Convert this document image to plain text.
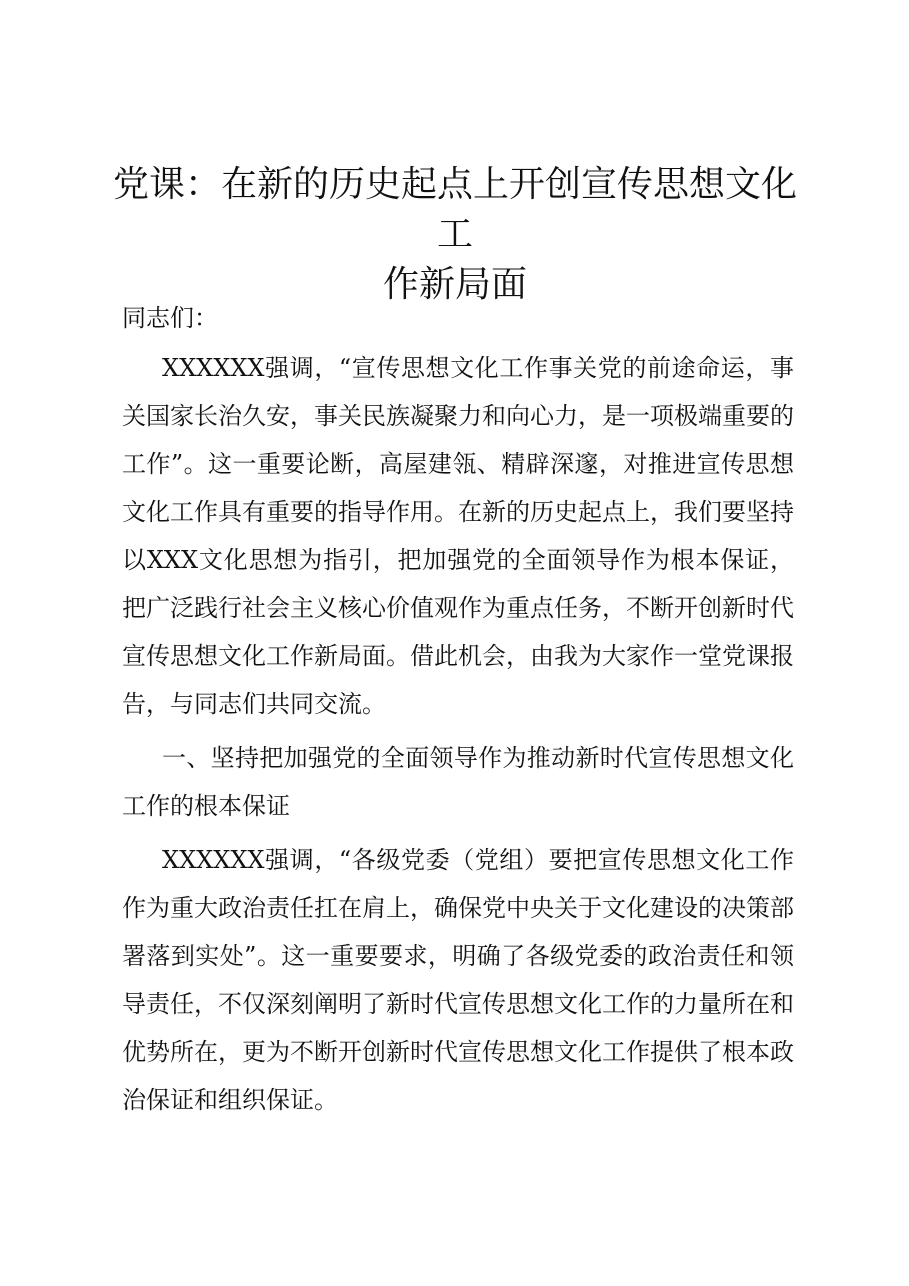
党课：在新的历史起点上开创宣传思想文化工
作新局面

同志们：

XXXXXX强调，“宣传思想文化工作事关党的前途命运，事关国家长治久安，事关民族凝聚力和向心力，是一项极端重要的工作”。这一重要论断，高屋建瓴、精辟深邃，对推进宣传思想文化工作具有重要的指导作用。在新的历史起点上，我们要坚持以XXX文化思想为指引，把加强党的全面领导作为根本保证，把广泛践行社会主义核心价值观作为重点任务，不断开创新时代宣传思想文化工作新局面。借此机会，由我为大家作一堂党课报告，与同志们共同交流。

一、坚持把加强党的全面领导作为推动新时代宣传思想文化工作的根本保证

XXXXXX强调，“各级党委（党组）要把宣传思想文化工作作为重大政治责任扛在肩上，确保党中央关于文化建设的决策部署落到实处”。这一重要要求，明确了各级党委的政治责任和领导责任，不仅深刻阐明了新时代宣传思想文化工作的力量所在和优势所在，更为不断开创新时代宣传思想文化工作提供了根本政治保证和组织保证。
